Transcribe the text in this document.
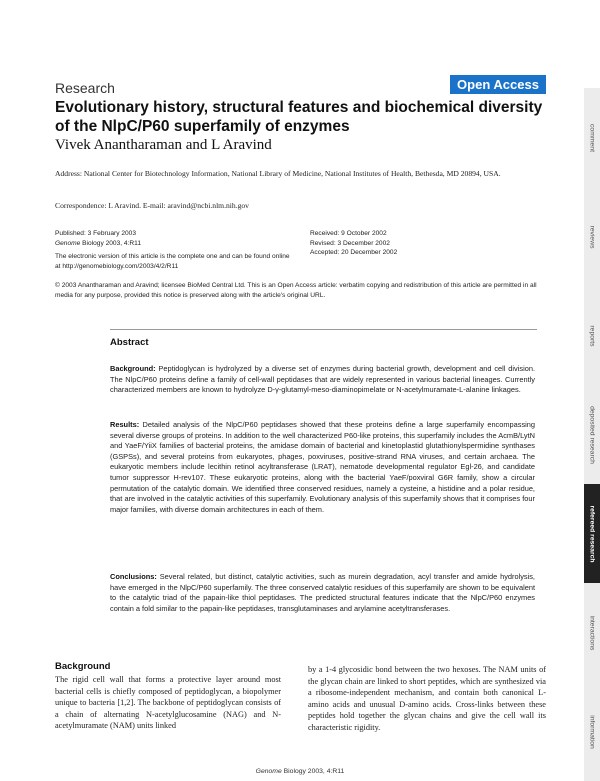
Research	Open Access
Evolutionary history, structural features and biochemical diversity of the NlpC/P60 superfamily of enzymes
Vivek Anantharaman and L Aravind
Address: National Center for Biotechnology Information, National Library of Medicine, National Institutes of Health, Bethesda, MD 20894, USA.
Correspondence: L Aravind. E-mail: aravind@ncbi.nlm.nih.gov
Published: 3 February 2003
Genome Biology 2003, 4:R11
The electronic version of this article is the complete one and can be found online at http://genomebiology.com/2003/4/2/R11
Received: 9 October 2002
Revised: 3 December 2002
Accepted: 20 December 2002
© 2003 Anantharaman and Aravind; licensee BioMed Central Ltd. This is an Open Access article: verbatim copying and redistribution of this article are permitted in all media for any purpose, provided this notice is preserved along with the article's original URL.
Abstract
Background: Peptidoglycan is hydrolyzed by a diverse set of enzymes during bacterial growth, development and cell division. The NlpC/P60 proteins define a family of cell-wall peptidases that are widely represented in various bacterial lineages. Currently characterized members are known to hydrolyze D-γ-glutamyl-meso-diaminopimelate or N-acetylmuramate-L-alanine linkages.
Results: Detailed analysis of the NlpC/P60 peptidases showed that these proteins define a large superfamily encompassing several diverse groups of proteins. In addition to the well characterized P60-like proteins, this superfamily includes the AcmB/LytN and YaeF/YiiX families of bacterial proteins, the amidase domain of bacterial and kinetoplastid glutathionylspermidine synthases (GSPSs), and several proteins from eukaryotes, phages, poxviruses, positive-strand RNA viruses, and certain archaea. The eukaryotic members include lecithin retinol acyltransferase (LRAT), nematode developmental regulator Egl-26, and candidate tumor suppressor H-rev107. These eukaryotic proteins, along with the bacterial YaeF/poxviral G6R family, show a circular permutation of the catalytic domain. We identified three conserved residues, namely a cysteine, a histidine and a polar residue, that are involved in the catalytic activities of this superfamily. Evolutionary analysis of this superfamily shows that it comprises four major families, with diverse domain architectures in each of them.
Conclusions: Several related, but distinct, catalytic activities, such as murein degradation, acyl transfer and amide hydrolysis, have emerged in the NlpC/P60 superfamily. The three conserved catalytic residues of this superfamily are shown to be equivalent to the catalytic triad of the papain-like thiol peptidases. The predicted structural features indicate that the NlpC/P60 enzymes contain a fold similar to the papain-like peptidases, transglutaminases and arylamine acetyltransferases.
Background
The rigid cell wall that forms a protective layer around most bacterial cells is chiefly composed of peptidoglycan, a biopolymer unique to bacteria [1,2]. The backbone of peptidoglycan consists of a chain of alternating N-acetylglucosamine (NAG) and N-acetylmuramate (NAM) units linked
by a 1-4 glycosidic bond between the two hexoses. The NAM units of the glycan chain are linked to short peptides, which are synthesized via a ribosome-independent mechanism, and contain both canonical L-amino acids and unusual D-amino acids. Cross-links between these peptides hold together the glycan chains and give the cell wall its characteristic rigidity.
Genome Biology 2003, 4:R11
comment
reviews
reports
deposited research
refereed research
interactions
information
